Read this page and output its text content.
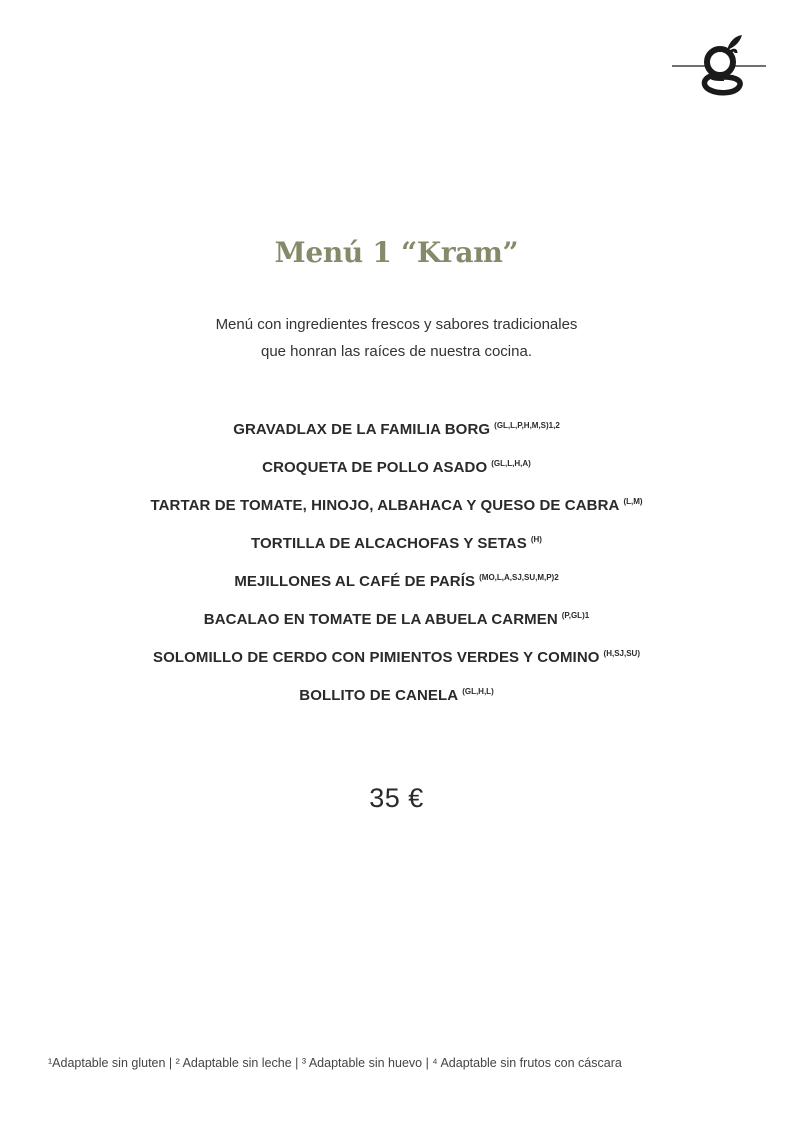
Menú 1 “Kram”
Menú con ingredientes frescos y sabores tradicionales
que honran las raíces de nuestra cocina.
GRAVADLAX DE LA FAMILIA BORG $^{(GL,L,P,H,M,S)1,2}$
CROQUETA DE POLLO ASADO $^{(GL,L,H,A)}$
TARTAR DE TOMATE, HINOJO, ALBAHACA Y QUESO DE CABRA $^{(L,M)}$
TORTILLA DE ALCACHOFAS Y SETAS $^{(H)}$
MEJILLONES AL CAFÉ DE PARÍS $^{(MO,L,A,SJ,SU,M,P)2}$
BACALAO EN TOMATE DE LA ABUELA CARMEN $^{(P,GL)1}$
SOLOMILLO DE CERDO CON PIMIENTOS VERDES Y COMINO $^{(H,SJ,SU)}$
BOLLITO DE CANELA $^{(GL,H,L)}$
35 €
¹Adaptable sin gluten | ² Adaptable sin leche | ³ Adaptable sin huevo | ⁴ Adaptable sin frutos con cáscara
